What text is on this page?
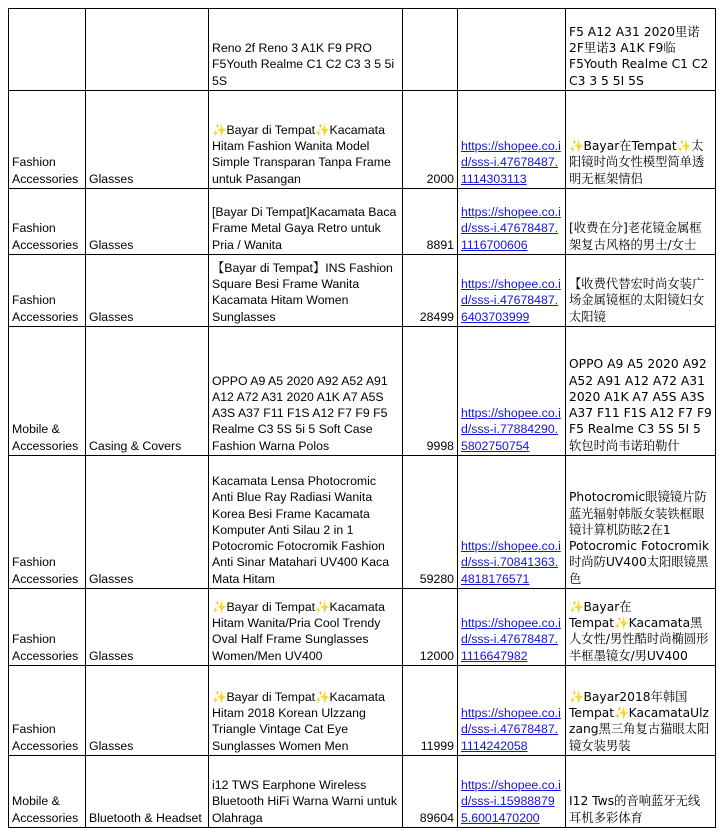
		Reno 2f Reno 3 A1K F9 PRO F5Youth Realme C1 C2 C3 3 5 5i 5S			F5 A12 A31 2020里诺2F里诺3 A1K F9临F5Youth Realme C1 C2 C3 3 5 5I 5S
Fashion Accessories	Glasses	✨Bayar di Tempat✨Kacamata Hitam Fashion Wanita Model Simple Transparan Tanpa Frame untuk Pasangan	2000	https://shopee.co.id/sss-i.47678487.1114303113	✨Bayar在Tempat✨太阳镜时尚女性模型简单透明无框架情侣
Fashion Accessories	Glasses	[Bayar Di Tempat]Kacamata Baca Frame Metal Gaya Retro untuk Pria / Wanita	8891	https://shopee.co.id/sss-i.47678487.1116700606	[收费在分]老花镜金属框架复古风格的男士/女士
Fashion Accessories	Glasses	【Bayar di Tempat】INS Fashion Square Besi Frame Wanita Kacamata Hitam Women Sunglasses	28499	https://shopee.co.id/sss-i.47678487.6403703999	【收费代替宏时尚女装广场金属镜框的太阳镜妇女太阳镜
Mobile & Accessories	Casing & Covers	OPPO A9 A5 2020 A92 A52 A91 A12 A72 A31 2020 A1K A7 A5S A3S A37 F11 F1S A12 F7 F9 F5 Realme C3 5S 5i 5 Soft Case Fashion Warna Polos	9998	https://shopee.co.id/sss-i.77884290.5802750754	OPPO A9 A5 2020 A92 A52 A91 A12 A72 A31 2020 A1K A7 A5S A3S A37 F11 F1S A12 F7 F9 F5 Realme C3 5S 5I 5软包时尚韦诺珀勒什
Fashion Accessories	Glasses	Kacamata Lensa Photocromic Anti Blue Ray Radiasi Wanita Korea Besi Frame Kacamata Komputer Anti Silau 2 in 1 Potocromic Fotocromik Fashion Anti Sinar Matahari UV400 Kaca Mata Hitam	59280	https://shopee.co.id/sss-i.70841363.4818176571	Photocromic眼镜镜片防蓝光辐射韩版女装铁框眼镜计算机防眩2在1 Potocromic Fotocromik时尚防UV400太阳眼镜黑色
Fashion Accessories	Glasses	✨Bayar di Tempat✨Kacamata Hitam Wanita/Pria Cool Trendy Oval Half Frame Sunglasses Women/Men UV400	12000	https://shopee.co.id/sss-i.47678487.1116647982	✨Bayar在Tempat✨Kacamata黑人女性/男性酷时尚椭圆形半框墨镜女/男UV400
Fashion Accessories	Glasses	✨Bayar di Tempat✨Kacamata Hitam 2018 Korean Ulzzang Triangle Vintage Cat Eye Sunglasses Women Men	11999	https://shopee.co.id/sss-i.47678487.1114242058	✨Bayar2018年韩国Tempat✨KacamataUlzzang黑三角复古猫眼太阳镜女装男装
Mobile & Accessories	Bluetooth & Headset	i12 TWS Earphone Wireless Bluetooth HiFi Warna Warni untuk Olahraga	89604	https://shopee.co.id/sss-i.159888795.6001470200	I12 Tws的音响蓝牙无线耳机多彩体育
